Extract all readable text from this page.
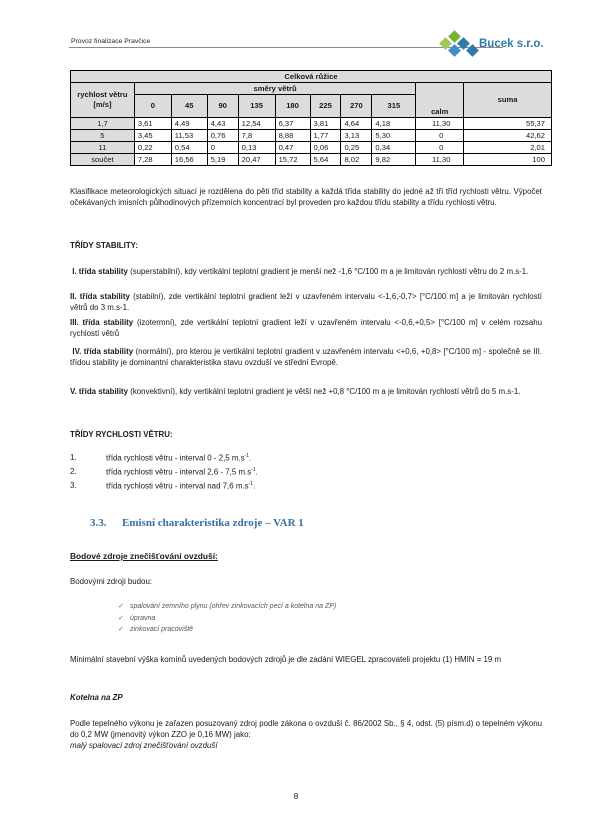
Provoz finalizace Pravčice	Bucek s.r.o.
Celková růžice										
rychlost větru [m/s]	směry větrů								calm	suma
	0	45	90	135	180	225	270	315		
1,7	3,61	4,49	4,43	12,54	6,37	3,81	4,64	4,18	11,30	55,37
5	3,45	11,53	0,76	7,8	8,88	1,77	3,13	5,30	0	42,62
11	0,22	0,54	0	0,13	0,47	0,06	0,25	0,34	0	2,01
součet	7,28	16,56	5,19	20,47	15,72	5,64	8,02	9,82	11,30	100
Klasifikace meteorologických situací je rozdělena do pěti tříd stability a každá třída stability do jedné až tří tříd rychlosti větru. Výpočet očekávaných imisních půlhodinových přízemních koncentrací byl proveden pro každou třídu stability a třídu rychlosti větru.
TŘÍDY STABILITY:
I. třída stability (superstabilní), kdy vertikální teplotní gradient je menší než -1,6 °C/100 m a je limitován rychlostí větru do 2 m.s-1.
II. třída stability (stabilní), zde vertikální teplotní gradient leží v uzavřeném intervalu <-1,6,-0,7> [°C/100 m] a je limitován rychlostí větrů do 3 m.s-1.
III. třída stability (izotermní), zde vertikální teplotní gradient leží v uzavřeném intervalu <-0,6,+0,5> [°C/100 m] v celém rozsahu rychlostí větrů
IV. třída stability (normální), pro kterou je vertikální teplotní gradient v uzavřeném intervalu <+0,6, +0,8> [°C/100 m] - společně se III. třídou stability je dominantní charakteristika stavu ovzduší ve střední Evropě.
V. třída stability (konvektivní), kdy vertikální teplotní gradient je větší než +0,8 °C/100 m a je limitován rychlostí větrů do 5 m.s-1.
TŘÍDY RYCHLOSTI VĚTRU:
1.	třída rychlosti větru - interval 0 - 2,5 $m.s^{-1}$.
2.	třída rychlosti větru - interval 2,6 - 7,5 $m.s^{-1}$.
3.	třída rychlosti větru - interval nad 7,6 $m.s^{-1}$.
3.3. Emisní charakteristika zdroje – VAR 1
Bodové zdroje znečišťování ovzduší:
Bodovými zdroji budou:
✓ spalování zemního plynu (ohřev zinkovacích pecí a kotelna na ZP)
✓ úpravna
✓ zinkovací pracoviště
Minimální stavební výška komínů uvedených bodových zdrojů je dle zadání WIEGEL zpracovateli projektu (1) HMIN = 19 m
Kotelna na ZP
Podle tepelného výkonu je zařazen posuzovaný zdroj podle zákona o ovzduší č. 86/2002 Sb., § 4, odst. (5) písm.d) o tepelném výkonu do 0,2 MW (jmenovitý výkon ZZO je 0,16 MW) jako:
malý spalovací zdroj znečišťování ovzduší
8
